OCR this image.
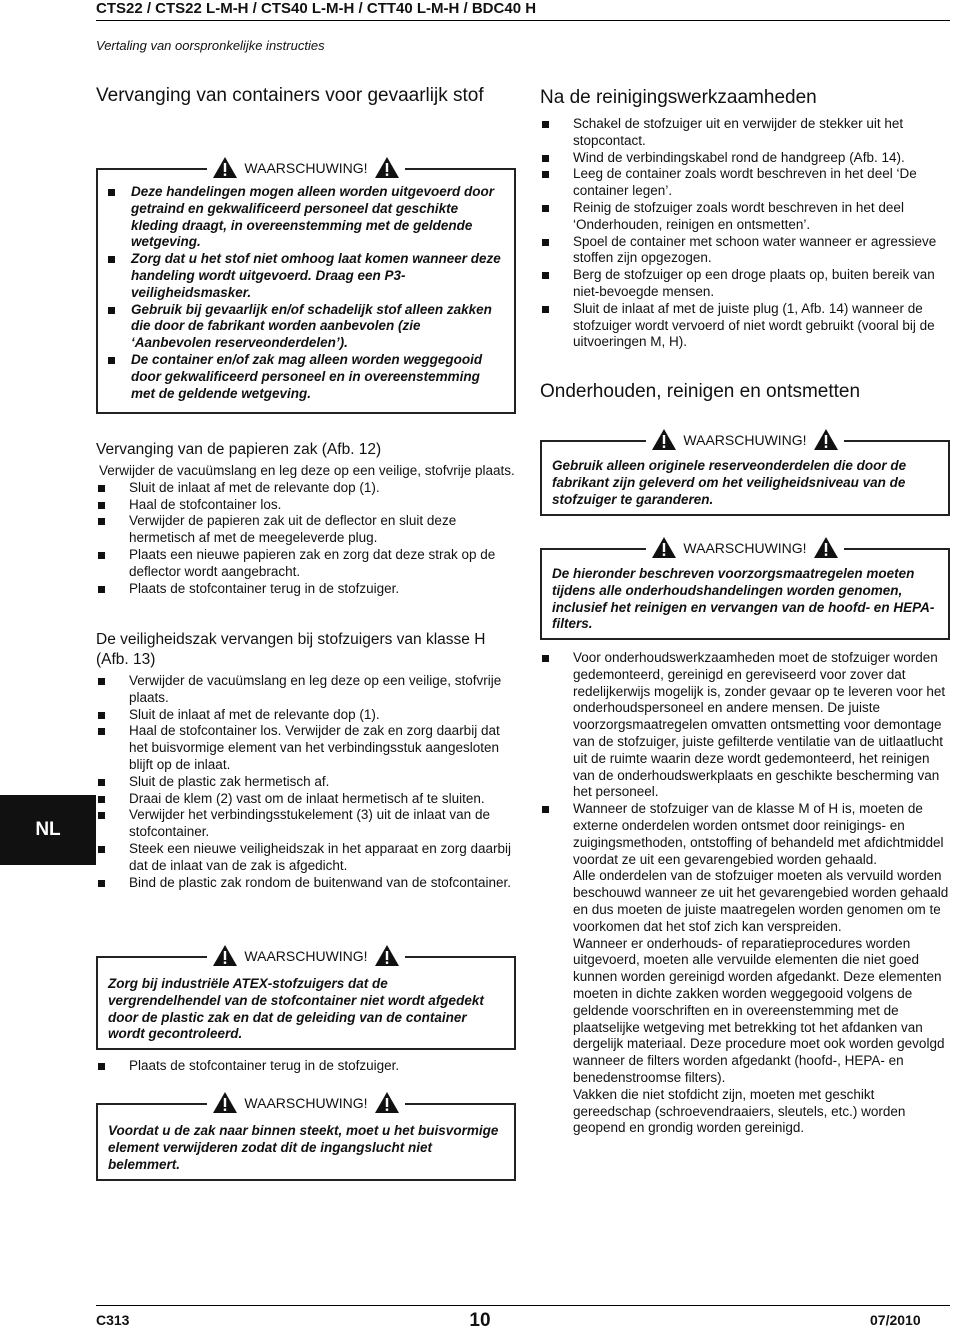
CTS22 / CTS22 L-M-H / CTS40 L-M-H / CTT40 L-M-H / BDC40 H
Vertaling van oorspronkelijke instructies
NL
Vervanging van containers voor gevaarlijk stof
WAARSCHUWING!
Deze handelingen mogen alleen worden uitgevoerd door getraind en gekwalificeerd personeel dat geschikte kleding draagt, in overeenstemming met de geldende wetgeving.
Zorg dat u het stof niet omhoog laat komen wanneer deze handeling wordt uitgevoerd. Draag een P3-veiligheidsmasker.
Gebruik bij gevaarlijk en/of schadelijk stof alleen zakken die door de fabrikant worden aanbevolen (zie ‘Aanbevolen reserveonderdelen’).
De container en/of zak mag alleen worden weggegooid door gekwalificeerd personeel en in overeenstemming met de geldende wetgeving.
Vervanging van de papieren zak (Afb. 12)

Verwijder de vacuümslang en leg deze op een veilige, stofvrije plaats.

Sluit de inlaat af met de relevante dop (1).
Haal de stofcontainer los.
Verwijder de papieren zak uit de deflector en sluit deze hermetisch af met de meegeleverde plug.
Plaats een nieuwe papieren zak en zorg dat deze strak op de deflector wordt aangebracht.
Plaats de stofcontainer terug in de stofzuiger.
De veiligheidszak vervangen bij stofzuigers van klasse H (Afb. 13)
Verwijder de vacuümslang en leg deze op een veilige, stofvrije plaats.
Sluit de inlaat af met de relevante dop (1).
Haal de stofcontainer los. Verwijder de zak en zorg daarbij dat het buisvormige element van het verbindingsstuk aangesloten blijft op de inlaat.
Sluit de plastic zak hermetisch af.
Draai de klem (2) vast om de inlaat hermetisch af te sluiten.
Verwijder het verbindingsstukelement (3) uit de inlaat van de stofcontainer.
Steek een nieuwe veiligheidszak in het apparaat en zorg daarbij dat de inlaat van de zak is afgedicht.
Bind de plastic zak rondom de buitenwand van de stofcontainer.
WAARSCHUWING!
Zorg bij industriële ATEX-stofzuigers dat de vergrendelhendel van de stofcontainer niet wordt afgedekt door de plastic zak en dat de geleiding van de container wordt gecontroleerd.
Plaats de stofcontainer terug in de stofzuiger.
WAARSCHUWING!
Voordat u de zak naar binnen steekt, moet u het buisvormige element verwijderen zodat dit de ingangslucht niet belemmert.
Na de reinigingswerkzaamheden
Schakel de stofzuiger uit en verwijder de stekker uit het stopcontact.
Wind de verbindingskabel rond de handgreep (Afb. 14).
Leeg de container zoals wordt beschreven in het deel ‘De container legen’.
Reinig de stofzuiger zoals wordt beschreven in het deel ‘Onderhouden, reinigen en ontsmetten’.
Spoel de container met schoon water wanneer er agressieve stoffen zijn opgezogen.
Berg de stofzuiger op een droge plaats op, buiten bereik van niet-bevoegde mensen.
Sluit de inlaat af met de juiste plug (1, Afb. 14) wanneer de stofzuiger wordt vervoerd of niet wordt gebruikt (vooral bij de uitvoeringen M, H).
Onderhouden, reinigen en ontsmetten
WAARSCHUWING!
Gebruik alleen originele reserveonderdelen die door de fabrikant zijn geleverd om het veiligheidsniveau van de stofzuiger te garanderen.
WAARSCHUWING!
De hieronder beschreven voorzorgsmaatregelen moeten tijdens alle onderhoudshandelingen worden genomen, inclusief het reinigen en vervangen van de hoofd- en HEPA-filters.
Voor onderhoudswerkzaamheden moet de stofzuiger worden gedemonteerd, gereinigd en gereviseerd voor zover dat redelijkerwijs mogelijk is, zonder gevaar op te leveren voor het onderhoudspersoneel en andere mensen. De juiste voorzorgsmaatregelen omvatten ontsmetting voor demontage van de stofzuiger, juiste gefilterde ventilatie van de uitlaatlucht uit de ruimte waarin deze wordt gedemonteerd, het reinigen van de onderhoudswerkplaats en geschikte bescherming van het personeel.
Wanneer de stofzuiger van de klasse M of H is, moeten de externe onderdelen worden ontsmet door reinigings- en zuigingsmethoden, ontstoffing of behandeld met afdichtmiddel voordat ze uit een gevarengebied worden gehaald.

Alle onderdelen van de stofzuiger moeten als vervuild worden beschouwd wanneer ze uit het gevarengebied worden gehaald en dus moeten de juiste maatregelen worden genomen om te voorkomen dat het stof zich kan verspreiden.

Wanneer er onderhouds- of reparatieprocedures worden uitgevoerd, moeten alle vervuilde elementen die niet goed kunnen worden gereinigd worden afgedankt. Deze elementen moeten in dichte zakken worden weggegooid volgens de geldende voorschriften en in overeenstemming met de plaatselijke wetgeving met betrekking tot het afdanken van dergelijk materiaal. Deze procedure moet ook worden gevolgd wanneer de filters worden afgedankt (hoofd-, HEPA- en benedenstroomse filters).

Vakken die niet stofdicht zijn, moeten met geschikt gereedschap (schroevendraaiers, sleutels, etc.) worden geopend en grondig worden gereinigd.

C313	10	07/2010
